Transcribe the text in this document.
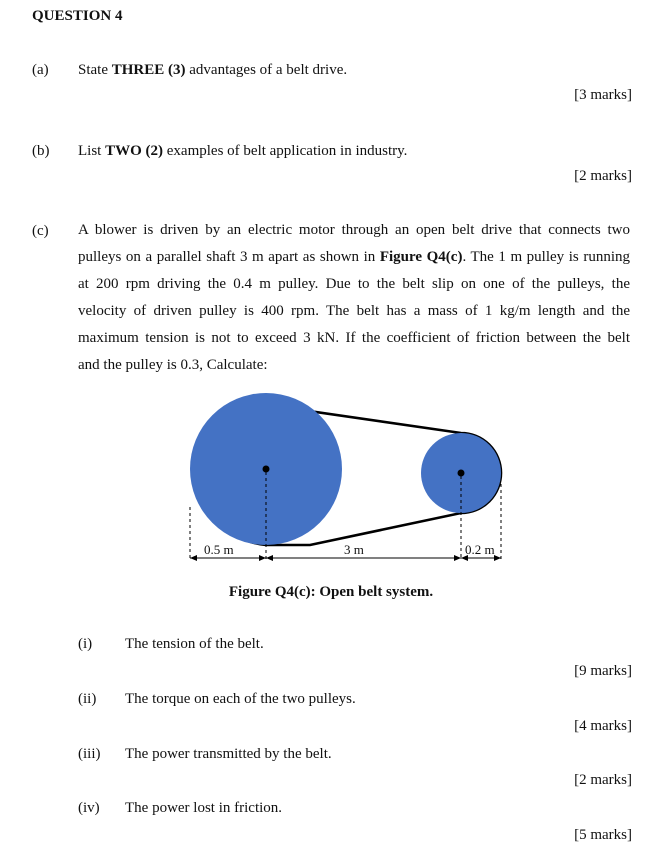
QUESTION 4
(a) State THREE (3) advantages of a belt drive.
[3 marks]
(b) List TWO (2) examples of belt application in industry.
[2 marks]
(c) A blower is driven by an electric motor through an open belt drive that connects two
pulleys on a parallel shaft 3 m apart as shown in Figure Q4(c). The 1 m pulley is running
at 200 rpm driving the 0.4 m pulley. Due to the belt slip on one of the pulleys, the
velocity of driven pulley is 400 rpm. The belt has a mass of 1 kg/m length and the
maximum tension is not to exceed 3 kN. If the coefficient of friction between the belt
and the pulley is 0.3, Calculate:
0.5 m	3 m	0.2 m
Figure Q4(c): Open belt system.
(i) The tension of the belt.
[9 marks]
(ii) The torque on each of the two pulleys.
[4 marks]
(iii) The power transmitted by the belt.
[2 marks]
(iv) The power lost in friction.
[5 marks]
